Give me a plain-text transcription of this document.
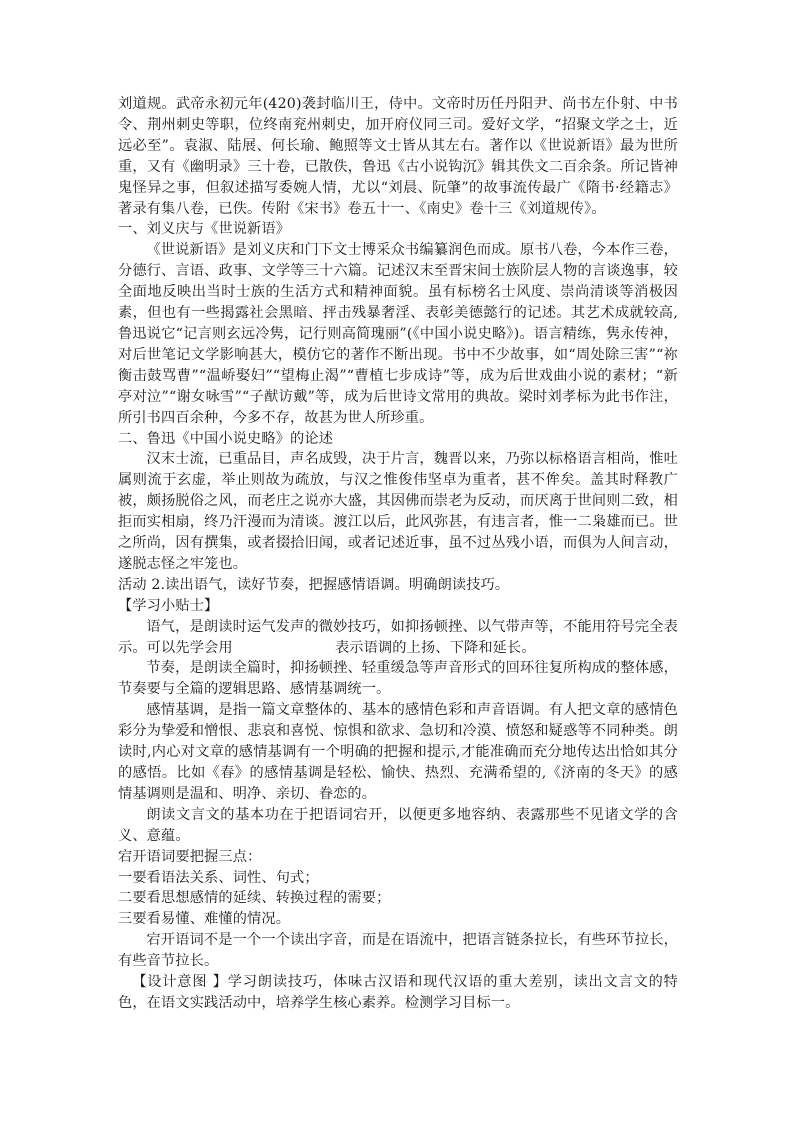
刘道规。武帝永初元年(420)袭封临川王，侍中。文帝时历任丹阳尹、尚书左仆射、中书令、荆州刺史等职，位终南兖州刺史，加开府仪同三司。爱好文学，“招聚文学之士，近远必至”。袁淑、陆展、何长瑜、鲍照等文士皆从其左右。著作以《世说新语》最为世所重，又有《幽明录》三十卷，已散佚，鲁迅《古小说钩沉》辑其佚文二百余条。所记皆神鬼怪异之事，但叙述描写委婉人情，尤以“刘晨、阮肇”的故事流传最广《隋书·经籍志》著录有集八卷，已佚。传附《宋书》卷五十一、《南史》卷十三《刘道规传》。

一、刘义庆与《世说新语》

《世说新语》是刘义庆和门下文士博采众书编纂润色而成。原书八卷，今本作三卷，分德行、言语、政事、文学等三十六篇。记述汉末至晋宋间士族阶层人物的言谈逸事，较全面地反映出当时士族的生活方式和精神面貌。虽有标榜名士风度、崇尚清谈等消极因素，但也有一些揭露社会黑暗、抨击残暴奢淫、表彰美德懿行的记述。其艺术成就较高,鲁迅说它“记言则玄远冷隽，记行则高简瑰丽”(《中国小说史略》)。语言精练，隽永传神，对后世笔记文学影响甚大，模仿它的著作不断出现。书中不少故事，如“周处除三害”“祢衡击鼓骂曹”“温峤娶妇”“望梅止渴”“曹植七步成诗”等，成为后世戏曲小说的素材；“新亭对泣”“谢女咏雪”“子猷访戴”等，成为后世诗文常用的典故。梁时刘孝标为此书作注，所引书四百余种，今多不存，故甚为世人所珍重。

二、鲁迅《中国小说史略》的论述

汉末士流，已重品目，声名成毁，决于片言，魏晋以来，乃弥以标格语言相尚，惟吐属则流于玄虚，举止则故为疏放，与汉之惟俊伟坚卓为重者，甚不侔矣。盖其时释教广被，颇扬脱俗之风，而老庄之说亦大盛，其因佛而崇老为反动，而厌离于世间则二致，相拒而实相扇，终乃汗漫而为清谈。渡江以后，此风弥甚，有违言者，惟一二枭雄而已。世之所尚，因有撰集，或者掇拾旧闻，或者记述近事，虽不过丛残小语，而俱为人间言动，遂脱志怪之牢笼也。

活动 2.读出语气，读好节奏，把握感情语调。明确朗读技巧。

【学习小贴士】

语气，是朗读时运气发声的微妙技巧，如抑扬顿挫、以气带声等，不能用符号完全表示。可以先学会用	表示语调的上扬、下降和延长。

节奏，是朗读全篇时，抑扬顿挫、轻重缓急等声音形式的回环往复所构成的整体感，节奏要与全篇的逻辑思路、感情基调统一。

感情基调，是指一篇文章整体的、基本的感情色彩和声音语调。有人把文章的感情色彩分为挚爱和憎恨、悲哀和喜悦、惊惧和欲求、急切和冷漠、愤怒和疑惑等不同种类。朗读时,内心对文章的感情基调有一个明确的把握和提示,才能准确而充分地传达出恰如其分的感悟。比如《春》的感情基调是轻松、愉快、热烈、充满希望的,《济南的冬天》的感情基调则是温和、明净、亲切、眷恋的。

朗读文言文的基本功在于把语词宕开，以便更多地容纳、表露那些不见诸文学的含义、意蕴。

宕开语词要把握三点：

一要看语法关系、词性、句式；

二要看思想感情的延续、转换过程的需要；

三要看易懂、难懂的情况。

宕开语词不是一个一个读出字音，而是在语流中，把语言链条拉长，有些环节拉长，有些音节拉长。

【设计意图 】学习朗读技巧，体味古汉语和现代汉语的重大差别，读出文言文的特色，在语文实践活动中，培养学生核心素养。检测学习目标一。
